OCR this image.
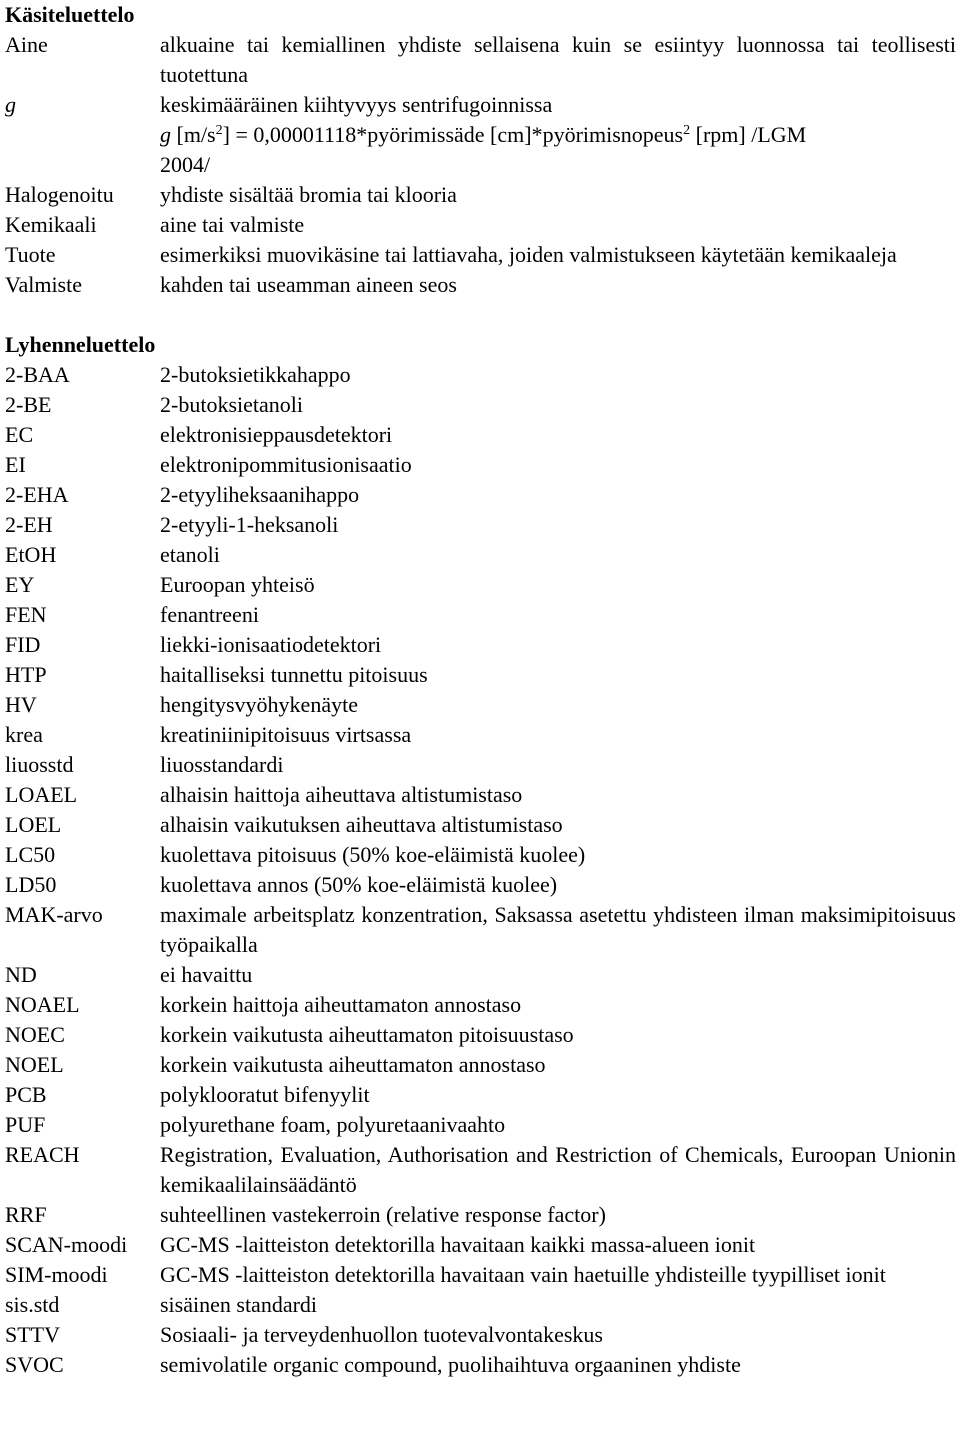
Käsiteluettelo
Aine	alkuaine tai kemiallinen yhdiste sellaisena kuin se esiintyy luonnossa tai teollisesti tuotettuna
g	keskimääräinen kiihtyvyys sentrifugoinnissa
g $[m/s^2]$ = 0,00001118*pyörimissäde [cm]*pyörimisnopeus$^2$ [rpm] /LGM
2004/
Halogenoitu	yhdiste sisältää bromia tai klooria
Kemikaali	aine tai valmiste
Tuote	esimerkiksi muovikäsine tai lattiavaha, joiden valmistukseen käytetään kemikaaleja
Valmiste	kahden tai useamman aineen seos
Lyhenneluettelo
2-BAA	2-butoksietikkahappo
2-BE	2-butoksietanoli
EC	elektronisieppausdetektori
EI	elektronipommitusionisaatio
2-EHA	2-etyyliheksaanihappo
2-EH	2-etyyli-1-heksanoli
EtOH	etanoli
EY	Euroopan yhteisö
FEN	fenantreeni
FID	liekki-ionisaatiodetektori
HTP	haitalliseksi tunnettu pitoisuus
HV	hengitysvyöhykenäyte
krea	kreatiniinipitoisuus virtsassa
liuosstd	liuosstandardi
LOAEL	alhaisin haittoja aiheuttava altistumistaso
LOEL	alhaisin vaikutuksen aiheuttava altistumistaso
LC50	kuolettava pitoisuus (50% koe-eläimistä kuolee)
LD50	kuolettava annos (50% koe-eläimistä kuolee)
MAK-arvo	maximale arbeitsplatz konzentration, Saksassa asetettu yhdisteen ilman maksimipitoisuus työpaikalla
ND	ei havaittu
NOAEL	korkein haittoja aiheuttamaton annostaso
NOEC	korkein vaikutusta aiheuttamaton pitoisuustaso
NOEL	korkein vaikutusta aiheuttamaton annostaso
PCB	polyklooratut bifenyylit
PUF	polyurethane foam, polyuretaanivaahto
REACH	Registration, Evaluation, Authorisation and Restriction of Chemicals, Euroopan Unionin kemikaalilainsäädäntö
RRF	suhteellinen vastekerroin (relative response factor)
SCAN-moodi	GC-MS -laitteiston detektorilla havaitaan kaikki massa-alueen ionit
SIM-moodi	GC-MS -laitteiston detektorilla havaitaan vain haetuille yhdisteille tyypilliset ionit
sis.std	sisäinen standardi
STTV	Sosiaali- ja terveydenhuollon tuotevalvontakeskus
SVOC	semivolatile organic compound, puolihaihtuva orgaaninen yhdiste
